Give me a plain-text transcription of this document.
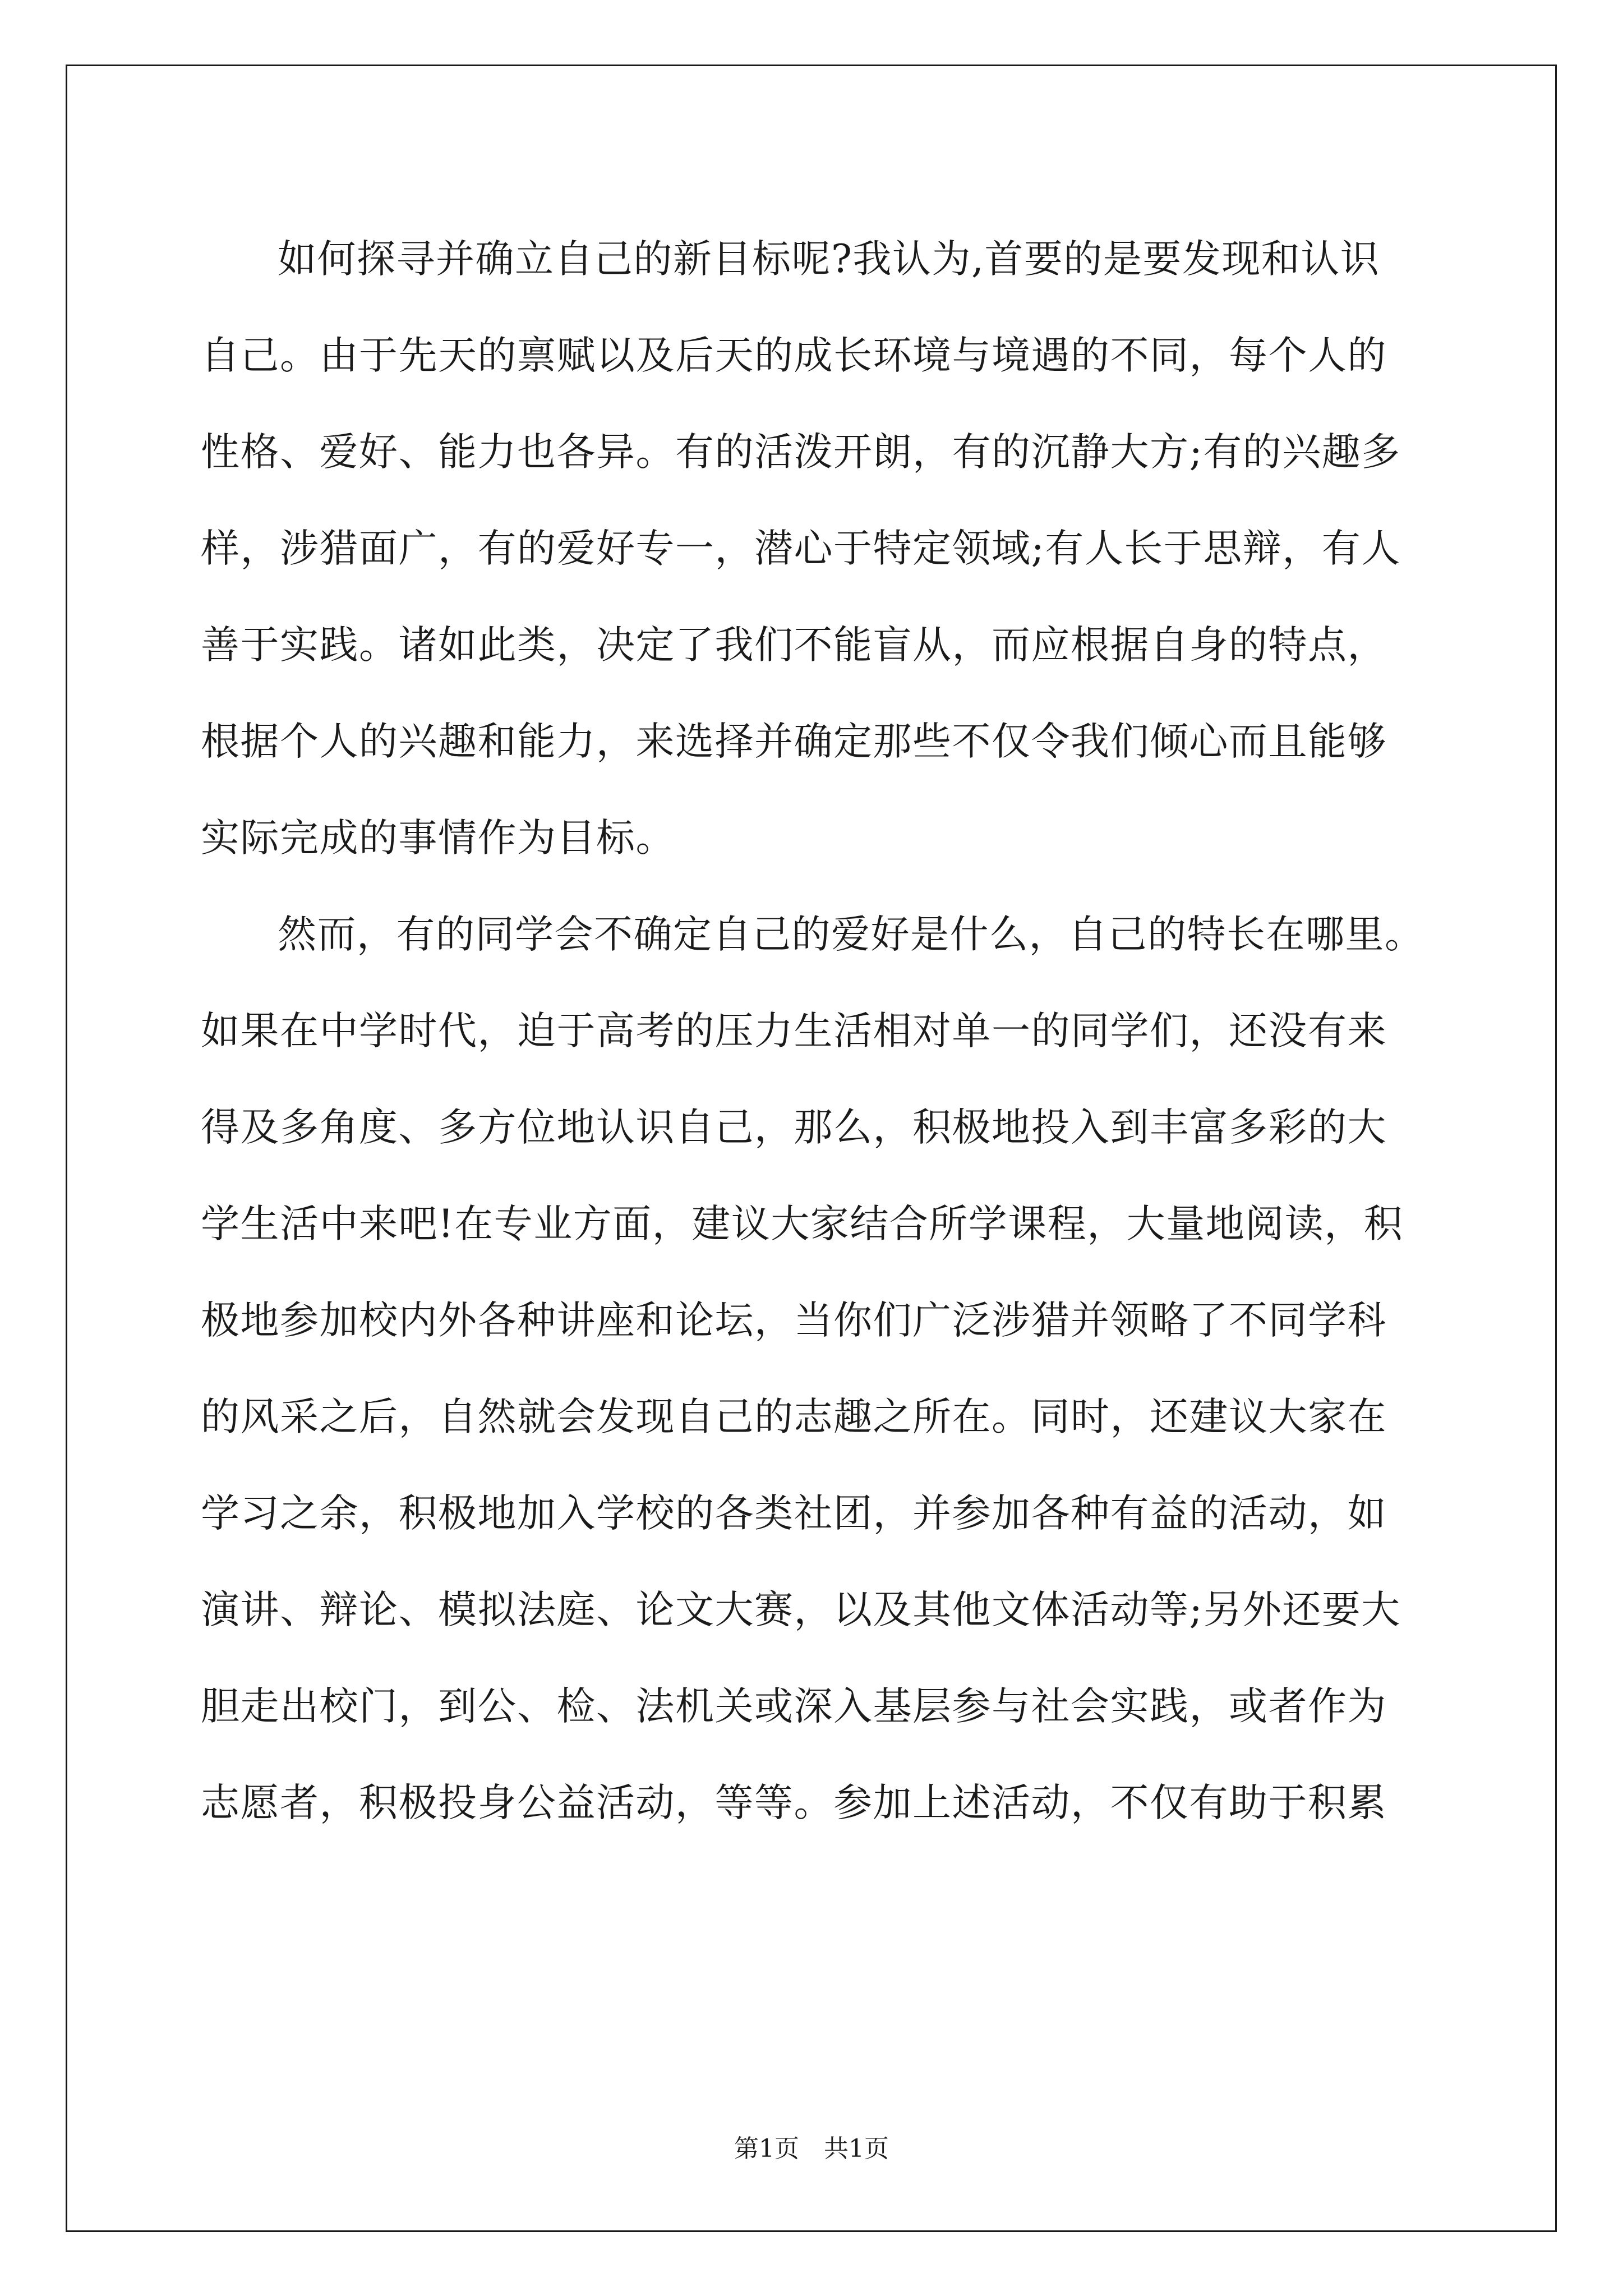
如何探寻并确立自己的新目标呢?我认为,首要的是要发现和认识
自己。由于先天的禀赋以及后天的成长环境与境遇的不同，每个人的
性格、爱好、能力也各异。有的活泼开朗，有的沉静大方;有的兴趣多
样，涉猎面广，有的爱好专一，潜心于特定领域;有人长于思辩，有人
善于实践。诸如此类，决定了我们不能盲从，而应根据自身的特点，
根据个人的兴趣和能力，来选择并确定那些不仅令我们倾心而且能够
实际完成的事情作为目标。
然而，有的同学会不确定自己的爱好是什么，自己的特长在哪里。
如果在中学时代，迫于高考的压力生活相对单一的同学们，还没有来
得及多角度、多方位地认识自己，那么，积极地投入到丰富多彩的大
学生活中来吧!在专业方面，建议大家结合所学课程，大量地阅读，积
极地参加校内外各种讲座和论坛，当你们广泛涉猎并领略了不同学科
的风采之后，自然就会发现自己的志趣之所在。同时，还建议大家在
学习之余，积极地加入学校的各类社团，并参加各种有益的活动，如
演讲、辩论、模拟法庭、论文大赛，以及其他文体活动等;另外还要大
胆走出校门，到公、检、法机关或深入基层参与社会实践，或者作为
志愿者，积极投身公益活动，等等。参加上述活动，不仅有助于积累
第1页　共1页
